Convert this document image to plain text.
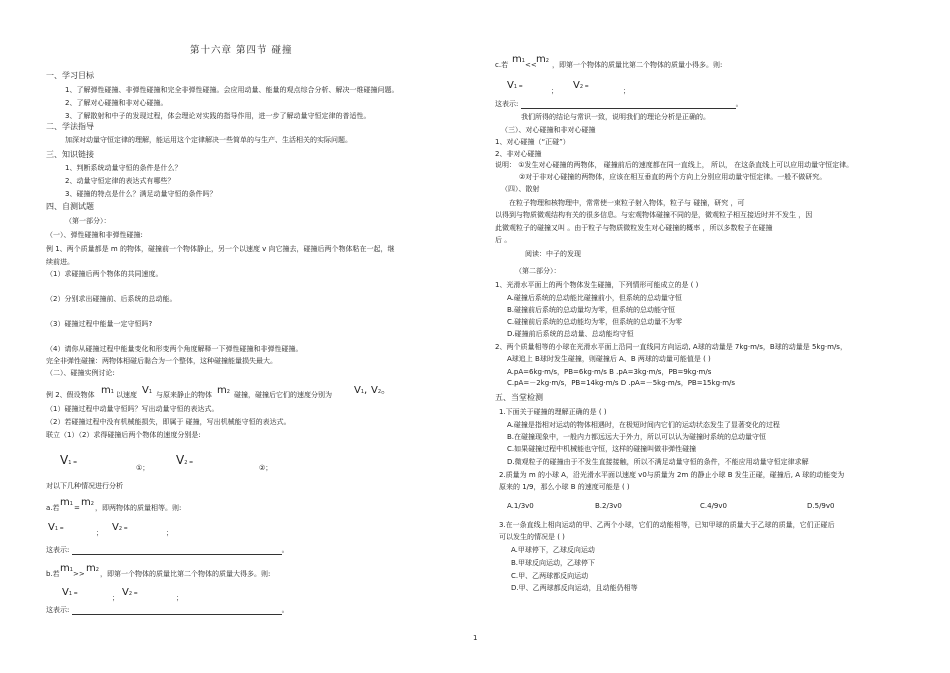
第十六章 第四节 碰撞
一、学习目标
1、了解弹性碰撞、非弹性碰撞和完全非弹性碰撞。会应用动量、能量的观点综合分析、解决一维碰撞问题。
2、了解对心碰撞和非对心碰撞。
3、了解散射和中子的发现过程，体会理论对实践的指导作用，进一步了解动量守恒定律的普适性。
二、学法指导
加深对动量守恒定律的理解，能运用这个定律解决一些简单的与生产、生活相关的实际问题。
三、知识链接
1、判断系统动量守恒的条件是什么？
2、动量守恒定律的表达式有哪些？
3、碰撞的特点是什么？满足动量守恒的条件吗？
四、自测试题
（第一部分）：
（一）、弹性碰撞和非弹性碰撞:
例 1、两个质量都是 m 的物体，碰撞前一个物体静止，另一个以速度 v 向它撞去，碰撞后两个物体粘在一起，继
续前进。
（1）求碰撞后两个物体的共同速度。
（2）分别求出碰撞前、后系统的总动能。
（3）碰撞过程中能量一定守恒吗?
（4）请你从碰撞过程中能量变化和形变两个角度解释一下弹性碰撞和非弹性碰撞。
完全非弹性碰撞：两物体相碰后黏合为一个整体，这种碰撞能量损失最大。
（二）、碰撞实例讨论:
例 2、假设物体 m1 以速度 V1 与原来静止的物体 m2 碰撞，碰撞后它们的速度分别为 V1, V2。
（1）碰撞过程中动量守恒吗？写出动量守恒的表达式。
（2）若碰撞过程中没有机械能损失，即属于 碰撞，写出机械能守恒的表达式。
联立（1）（2）求得碰撞后两个物体的速度分别是:
V1 =
①；
V2 =
②；
对以下几种情况进行分析
a.若 m1 = m2 ，即两物体的质量相等。则:
V1 =	； V2 =	；
这表示:	。
b.若 m1 >> m2 ，即第一个物体的质量比第二个物体的质量大得多。则:
V1 =	； V2 =	；
这表示:	。
c.若 m1 << m2 ，即第一个物体的质量比第二个物体的质量小得多。则:
V1 =	； V2 =	；
这表示:	。
我们所得的结论与常识一致，说明我们的理论分析是正确的。
（三）、对心碰撞和非对心碰撞
1、对心碰撞（“正碰”）
2、非对心碰撞
说明： ①发生对心碰撞的两物体， 碰撞前后的速度都在同一直线上， 所以， 在这条直线上可以应用动量守恒定律。
②对于非对心碰撞的两物体，应该在相互垂直的两个方向上分别应用动量守恒定律。一般不做研究。
（四）、散射
在粒子物理和核物理中，常常使一束粒子射入物体，粒子与 碰撞，研究 ，可
以得到与物质微观结构有关的很多信息。与宏观物体碰撞不同的是，微观粒子相互接近时并不发生 ，因
此微观粒子的碰撞又叫 。由于粒子与物质微粒发生对心碰撞的概率 ，所以多数粒子在碰撞
后 。
阅读：中子的发现
（第二部分）：
1、光滑水平面上的两个物体发生碰撞，下列情形可能成立的是 ( )
A.碰撞后系统的总动能比碰撞前小，但系统的总动量守恒
B.碰撞前后系统的总动量均为零，但系统的总动能守恒
C.碰撞前后系统的总动能均为零，但系统的总动量不为零
D.碰撞前后系统的总动量、总动能均守恒
2、两个质量相等的小球在光滑水平面上沿同一直线同方向运动, A球的动量是 7kg·m/s，B球的动量是 5kg·m/s，
A球追上 B球时发生碰撞，则碰撞后 A、B 两球的动量可能值是 ( )
A.pA=6kg·m/s，PB=6kg·m/s B .pA=3kg·m/s，PB=9kg·m/s
C.pA=－2kg·m/s，PB=14kg·m/s D .pA=－5kg·m/s，PB=15kg·m/s
五、当堂检测
1.下面关于碰撞的理解正确的是 ( )
A.碰撞是指相对运动的物体相遇时，在极短时间内它们的运动状态发生了显著变化的过程
B.在碰撞现象中，一般内力都远远大于外力，所以可以认为碰撞时系统的总动量守恒
C.如果碰撞过程中机械能也守恒，这样的碰撞叫做非弹性碰撞
D.微观粒子的碰撞由于不发生直接接触，所以不满足动量守恒的条件，不能应用动量守恒定律求解
2.质量为 m 的小球 A，沿光滑水平面以速度 v0与质量为 2m 的静止小球 B 发生正碰，碰撞后, A 球的动能变为
原来的 1/9，那么小球 B 的速度可能是 ( )
A.1/3v0	B.2/3v0	C.4/9v0	D.5/9v0
3.在一条直线上相向运动的甲、乙两个小球，它们的动能相等，已知甲球的质量大于乙球的质量，它们正碰后
可以发生的情况是 ( )
A.甲球停下，乙球反向运动
B.甲球反向运动，乙球停下
C.甲、乙两球都反向运动
D.甲、乙两球都反向运动，且动能仍相等
1
